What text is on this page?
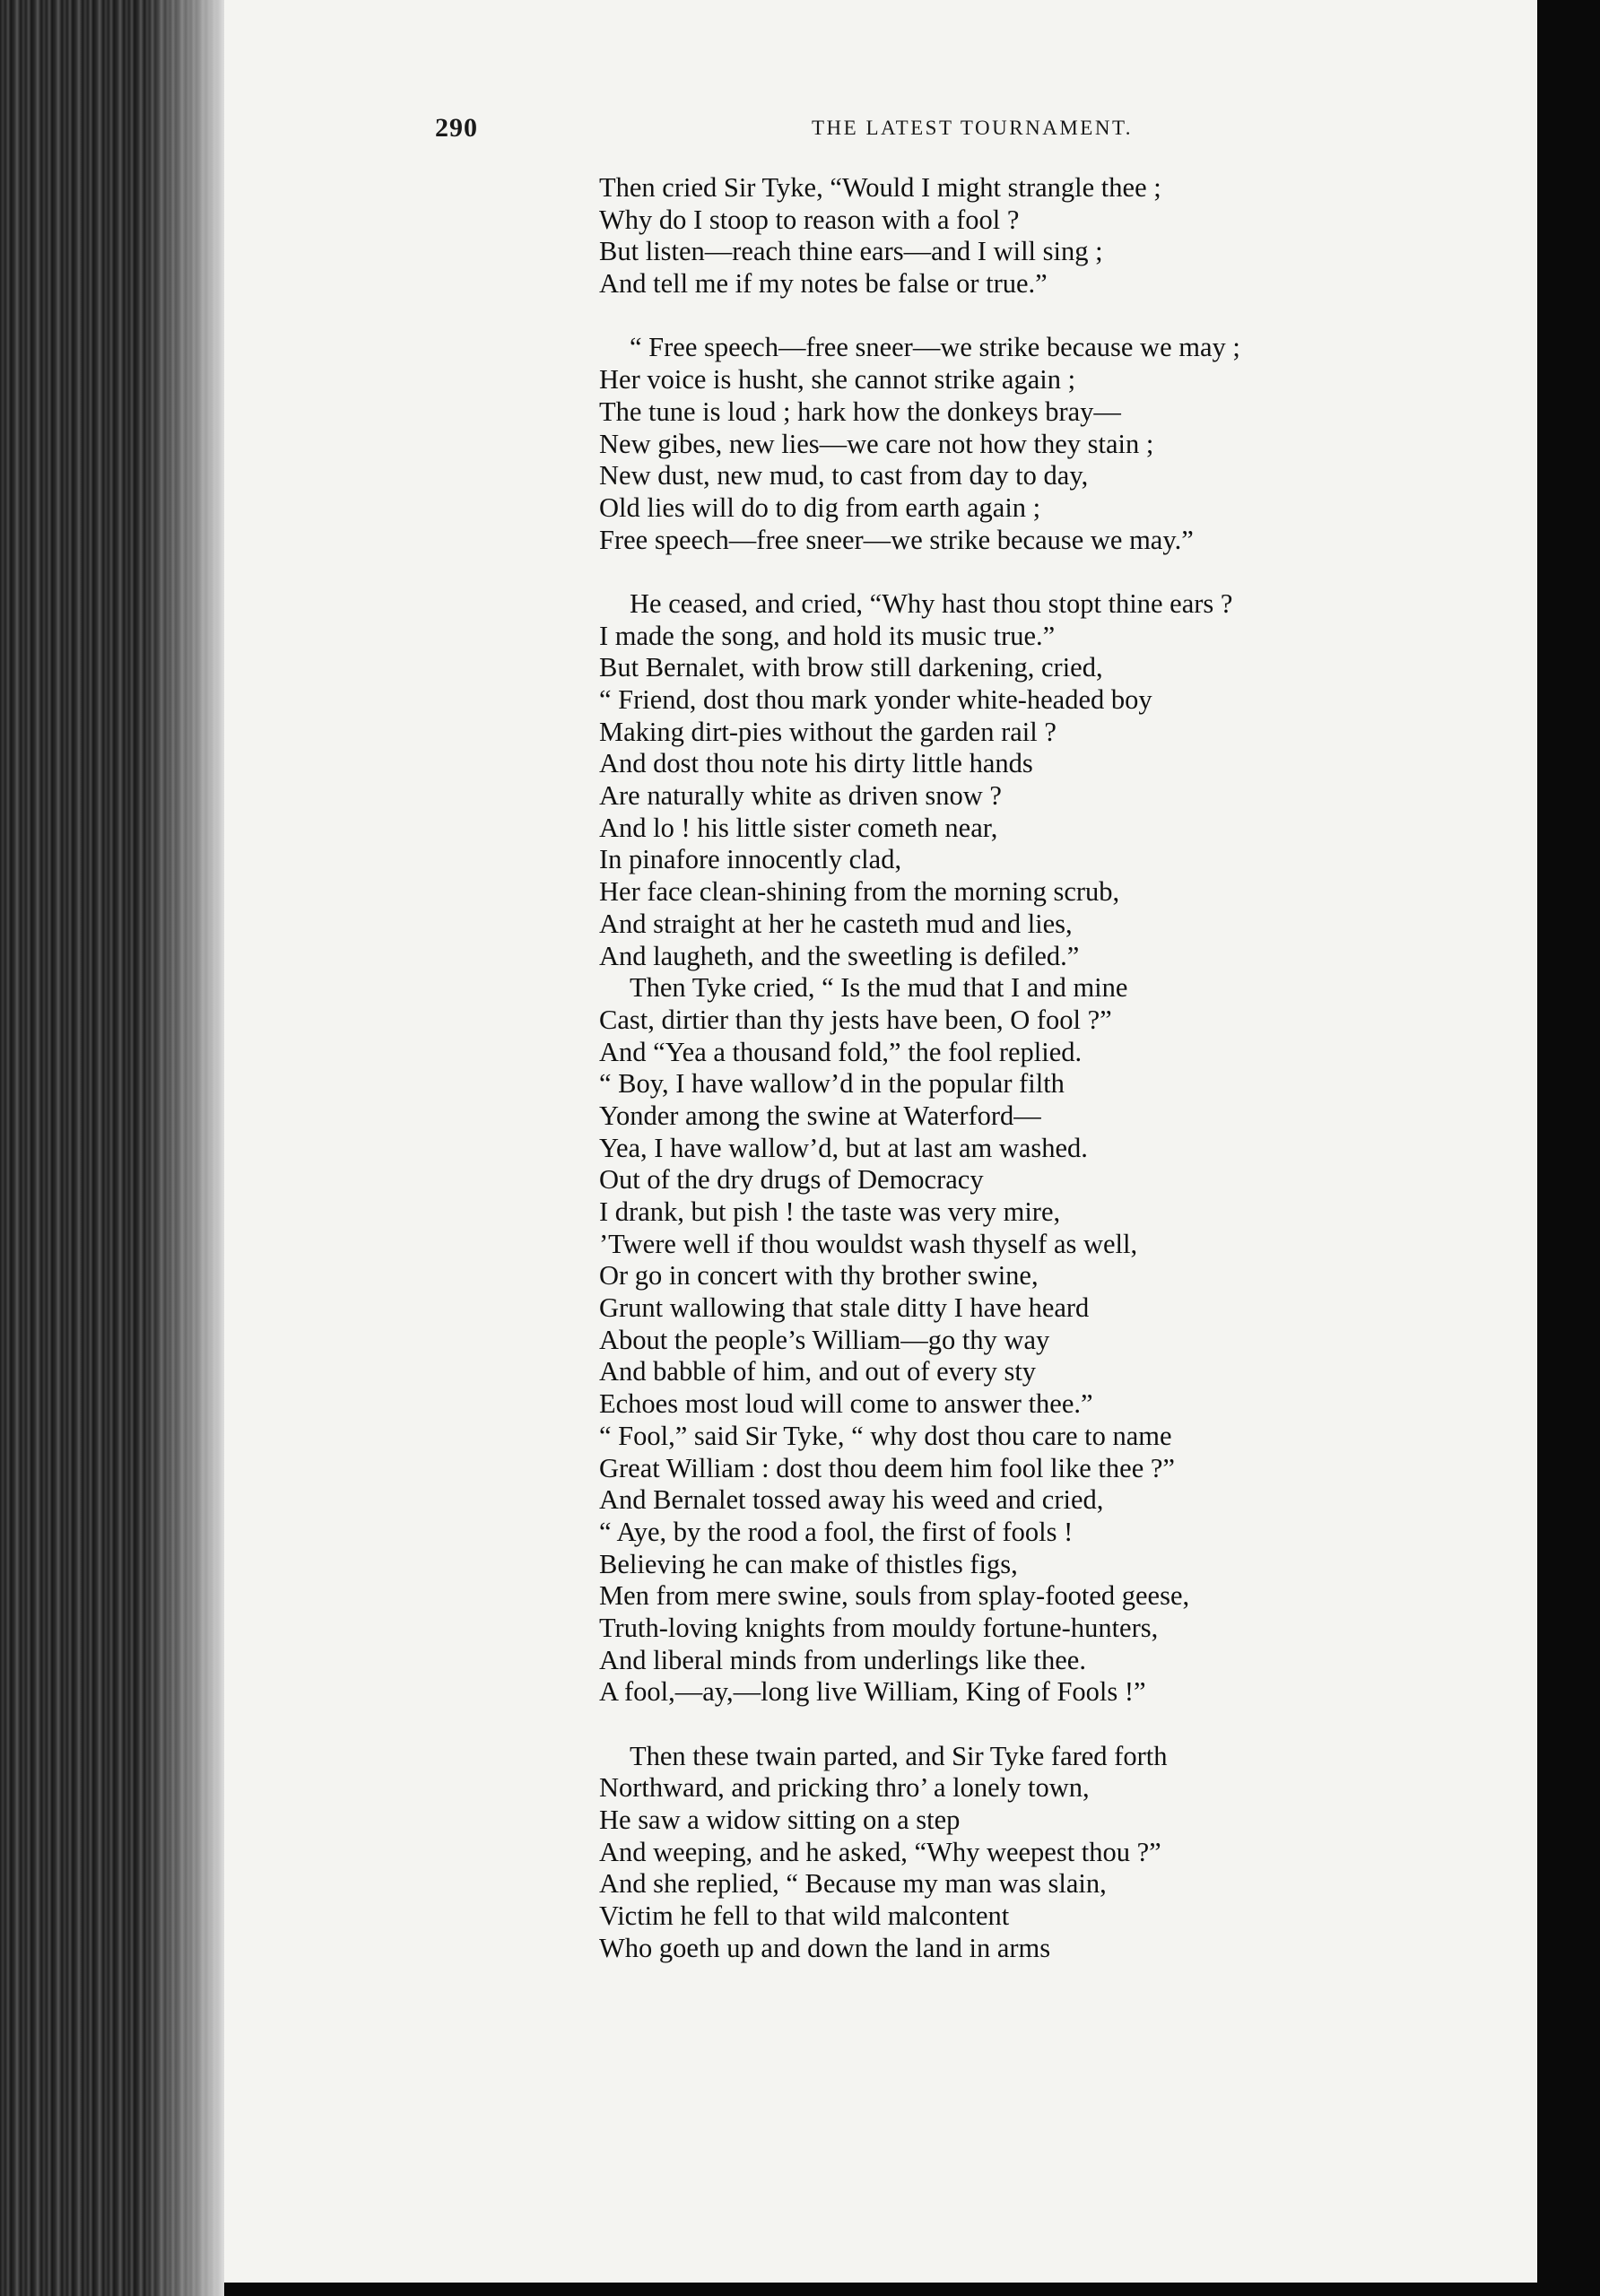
290	THE LATEST TOURNAMENT.
Then cried Sir Tyke, “Would I might strangle thee ;
Why do I stoop to reason with a fool ?
But listen—reach thine ears—and I will sing ;
And tell me if my notes be false or true.”
“ Free speech—free sneer—we strike because we may ;
Her voice is husht, she cannot strike again ;
The tune is loud ; hark how the donkeys bray—
New gibes, new lies—we care not how they stain ;
New dust, new mud, to cast from day to day,
Old lies will do to dig from earth again ;
Free speech—free sneer—we strike because we may.”
He ceased, and cried, “Why hast thou stopt thine ears ?
I made the song, and hold its music true.”
But Bernalet, with brow still darkening, cried,
“ Friend, dost thou mark yonder white-headed boy
Making dirt-pies without the garden rail ?
And dost thou note his dirty little hands
Are naturally white as driven snow ?
And lo ! his little sister cometh near,
In pinafore innocently clad,
Her face clean-shining from the morning scrub,
And straight at her he casteth mud and lies,
And laugheth, and the sweetling is defiled.”
Then Tyke cried, “ Is the mud that I and mine
Cast, dirtier than thy jests have been, O fool ?”
And “Yea a thousand fold,” the fool replied.
“ Boy, I have wallow’d in the popular filth
Yonder among the swine at Waterford—
Yea, I have wallow’d, but at last am washed.
Out of the dry drugs of Democracy
I drank, but pish ! the taste was very mire,
’Twere well if thou wouldst wash thyself as well,
Or go in concert with thy brother swine,
Grunt wallowing that stale ditty I have heard
About the people’s William—go thy way
And babble of him, and out of every sty
Echoes most loud will come to answer thee.”
“ Fool,” said Sir Tyke, “ why dost thou care to name
Great William : dost thou deem him fool like thee ?”
And Bernalet tossed away his weed and cried,
“ Aye, by the rood a fool, the first of fools !
Believing he can make of thistles figs,
Men from mere swine, souls from splay-footed geese,
Truth-loving knights from mouldy fortune-hunters,
And liberal minds from underlings like thee.
A fool,—ay,—long live William, King of Fools !”
Then these twain parted, and Sir Tyke fared forth
Northward, and pricking thro’ a lonely town,
He saw a widow sitting on a step
And weeping, and he asked, “Why weepest thou ?”
And she replied, “ Because my man was slain,
Victim he fell to that wild malcontent
Who goeth up and down the land in arms
